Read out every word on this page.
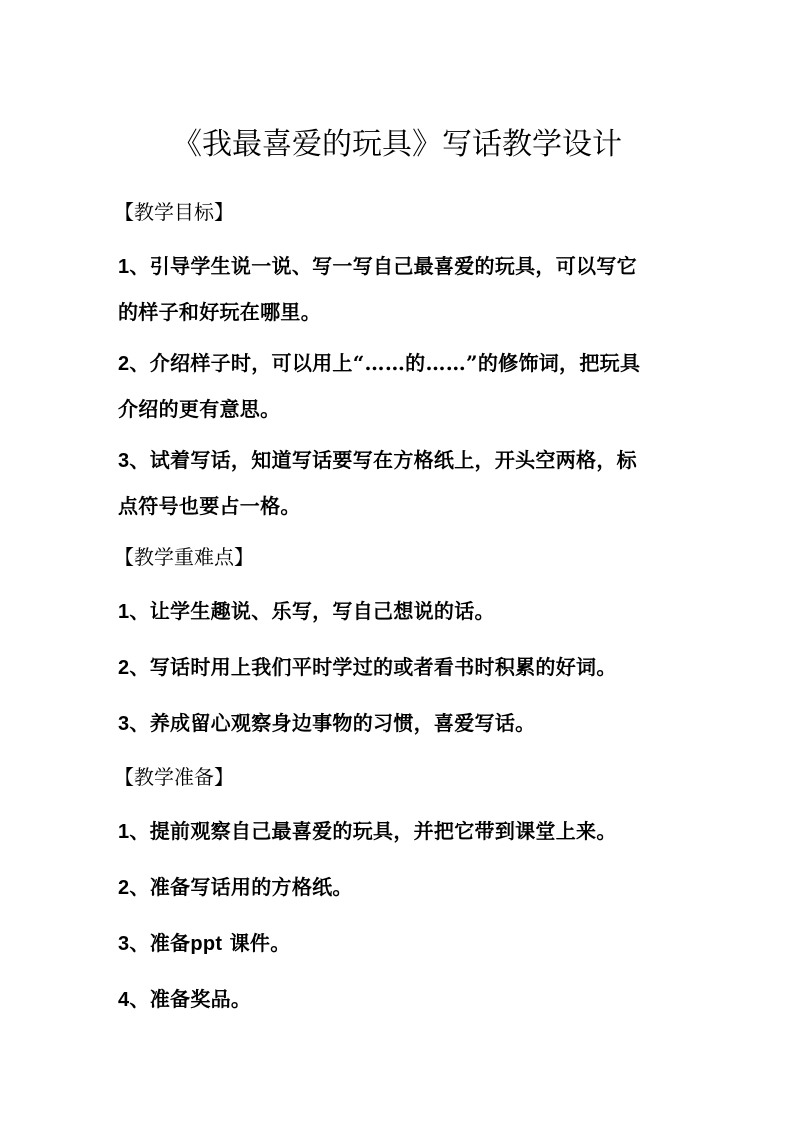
《我最喜爱的玩具》写话教学设计
【教学目标】
1、引导学生说一说、写一写自己最喜爱的玩具，可以写它
的样子和好玩在哪里。
2、介绍样子时，可以用上“……的……”的修饰词，把玩具
介绍的更有意思。
3、试着写话，知道写话要写在方格纸上，开头空两格，标
点符号也要占一格。
【教学重难点】
1、让学生趣说、乐写，写自己想说的话。
2、写话时用上我们平时学过的或者看书时积累的好词。
3、养成留心观察身边事物的习惯，喜爱写话。
【教学准备】
1、提前观察自己最喜爱的玩具，并把它带到课堂上来。
2、准备写话用的方格纸。
3、准备ppt 课件。
4、准备奖品。
